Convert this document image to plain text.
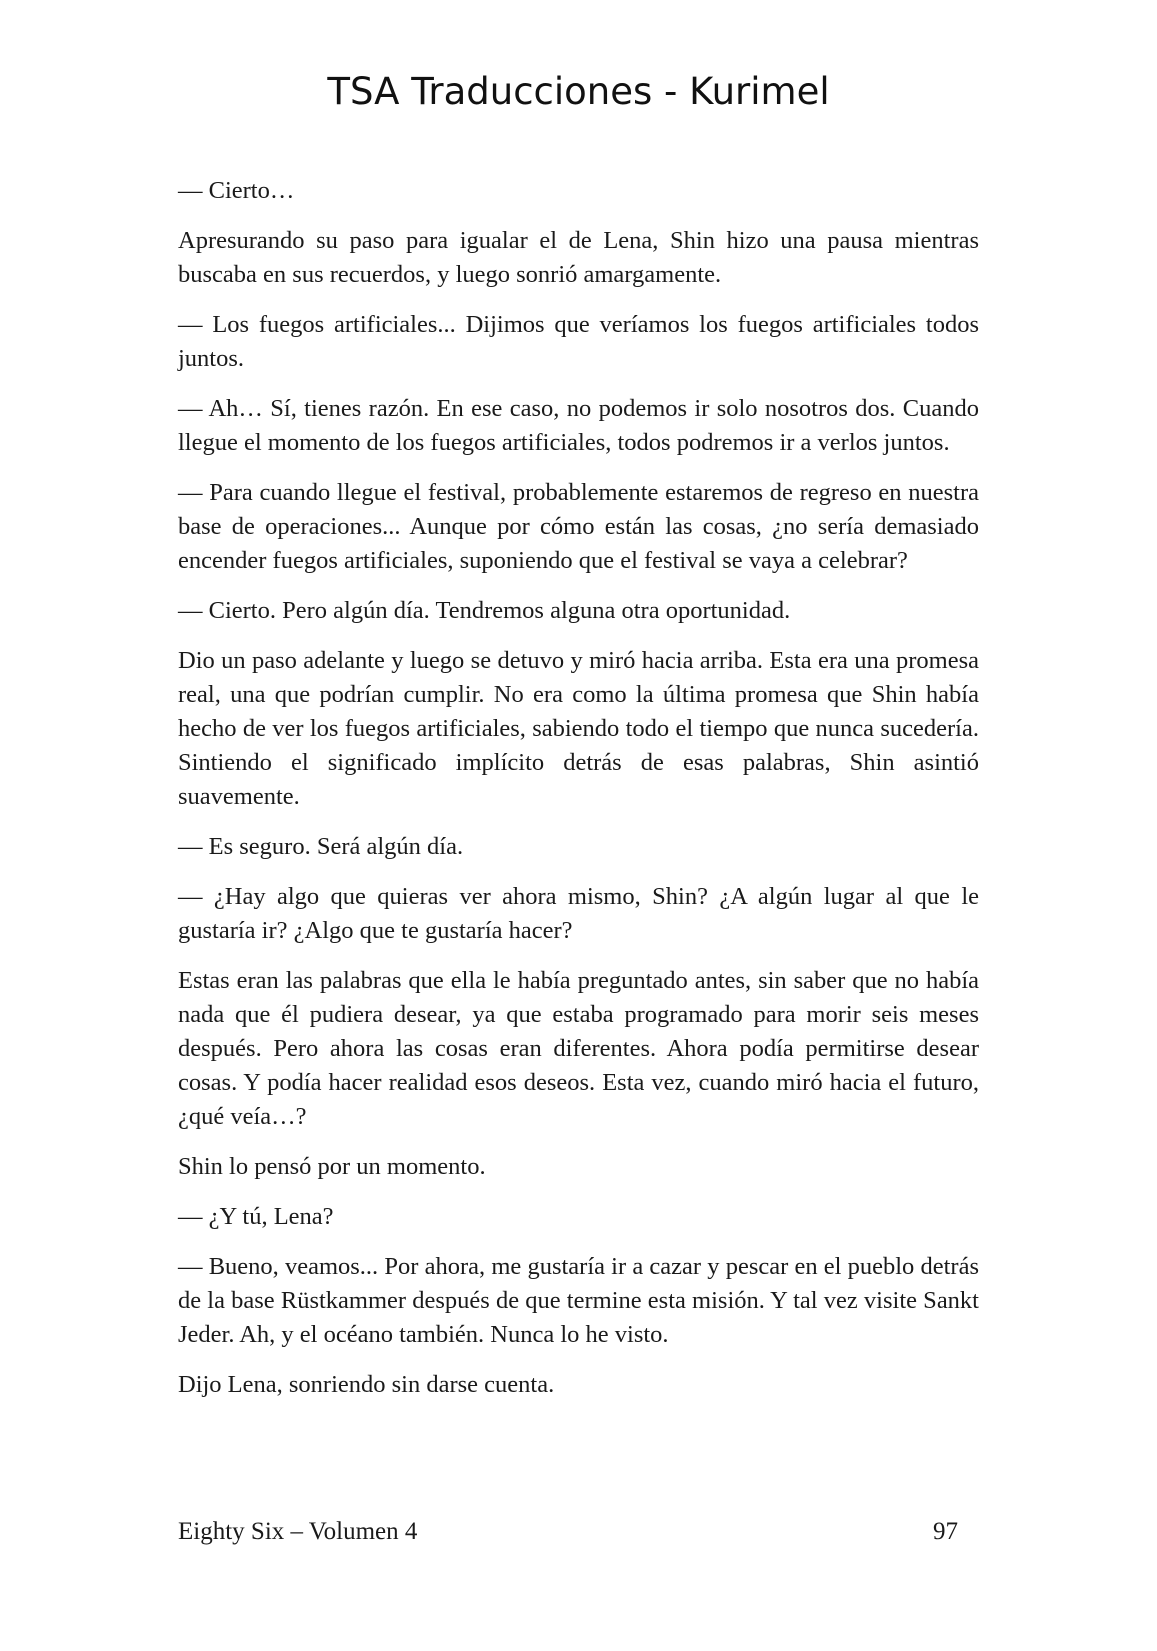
TSA Traducciones - Kurimel

— Cierto…

Apresurando su paso para igualar el de Lena, Shin hizo una pausa mientras buscaba en sus recuerdos, y luego sonrió amargamente.

— Los fuegos artificiales... Dijimos que veríamos los fuegos artificiales todos juntos.

— Ah… Sí, tienes razón. En ese caso, no podemos ir solo nosotros dos. Cuando llegue el momento de los fuegos artificiales, todos podremos ir a verlos juntos.

— Para cuando llegue el festival, probablemente estaremos de regreso en nuestra base de operaciones... Aunque por cómo están las cosas, ¿no sería demasiado encender fuegos artificiales, suponiendo que el festival se vaya a celebrar?

— Cierto. Pero algún día. Tendremos alguna otra oportunidad.

Dio un paso adelante y luego se detuvo y miró hacia arriba. Esta era una promesa real, una que podrían cumplir. No era como la última promesa que Shin había hecho de ver los fuegos artificiales, sabiendo todo el tiempo que nunca sucedería. Sintiendo el significado implícito detrás de esas palabras, Shin asintió suavemente.

— Es seguro. Será algún día.

— ¿Hay algo que quieras ver ahora mismo, Shin? ¿A algún lugar al que le gustaría ir? ¿Algo que te gustaría hacer?

Estas eran las palabras que ella le había preguntado antes, sin saber que no había nada que él pudiera desear, ya que estaba programado para morir seis meses después. Pero ahora las cosas eran diferentes. Ahora podía permitirse desear cosas. Y podía hacer realidad esos deseos. Esta vez, cuando miró hacia el futuro, ¿qué veía…?

Shin lo pensó por un momento.

— ¿Y tú, Lena?

— Bueno, veamos... Por ahora, me gustaría ir a cazar y pescar en el pueblo detrás de la base Rüstkammer después de que termine esta misión. Y tal vez visite Sankt Jeder. Ah, y el océano también. Nunca lo he visto.

Dijo Lena, sonriendo sin darse cuenta.

Eighty Six – Volumen 4	97
